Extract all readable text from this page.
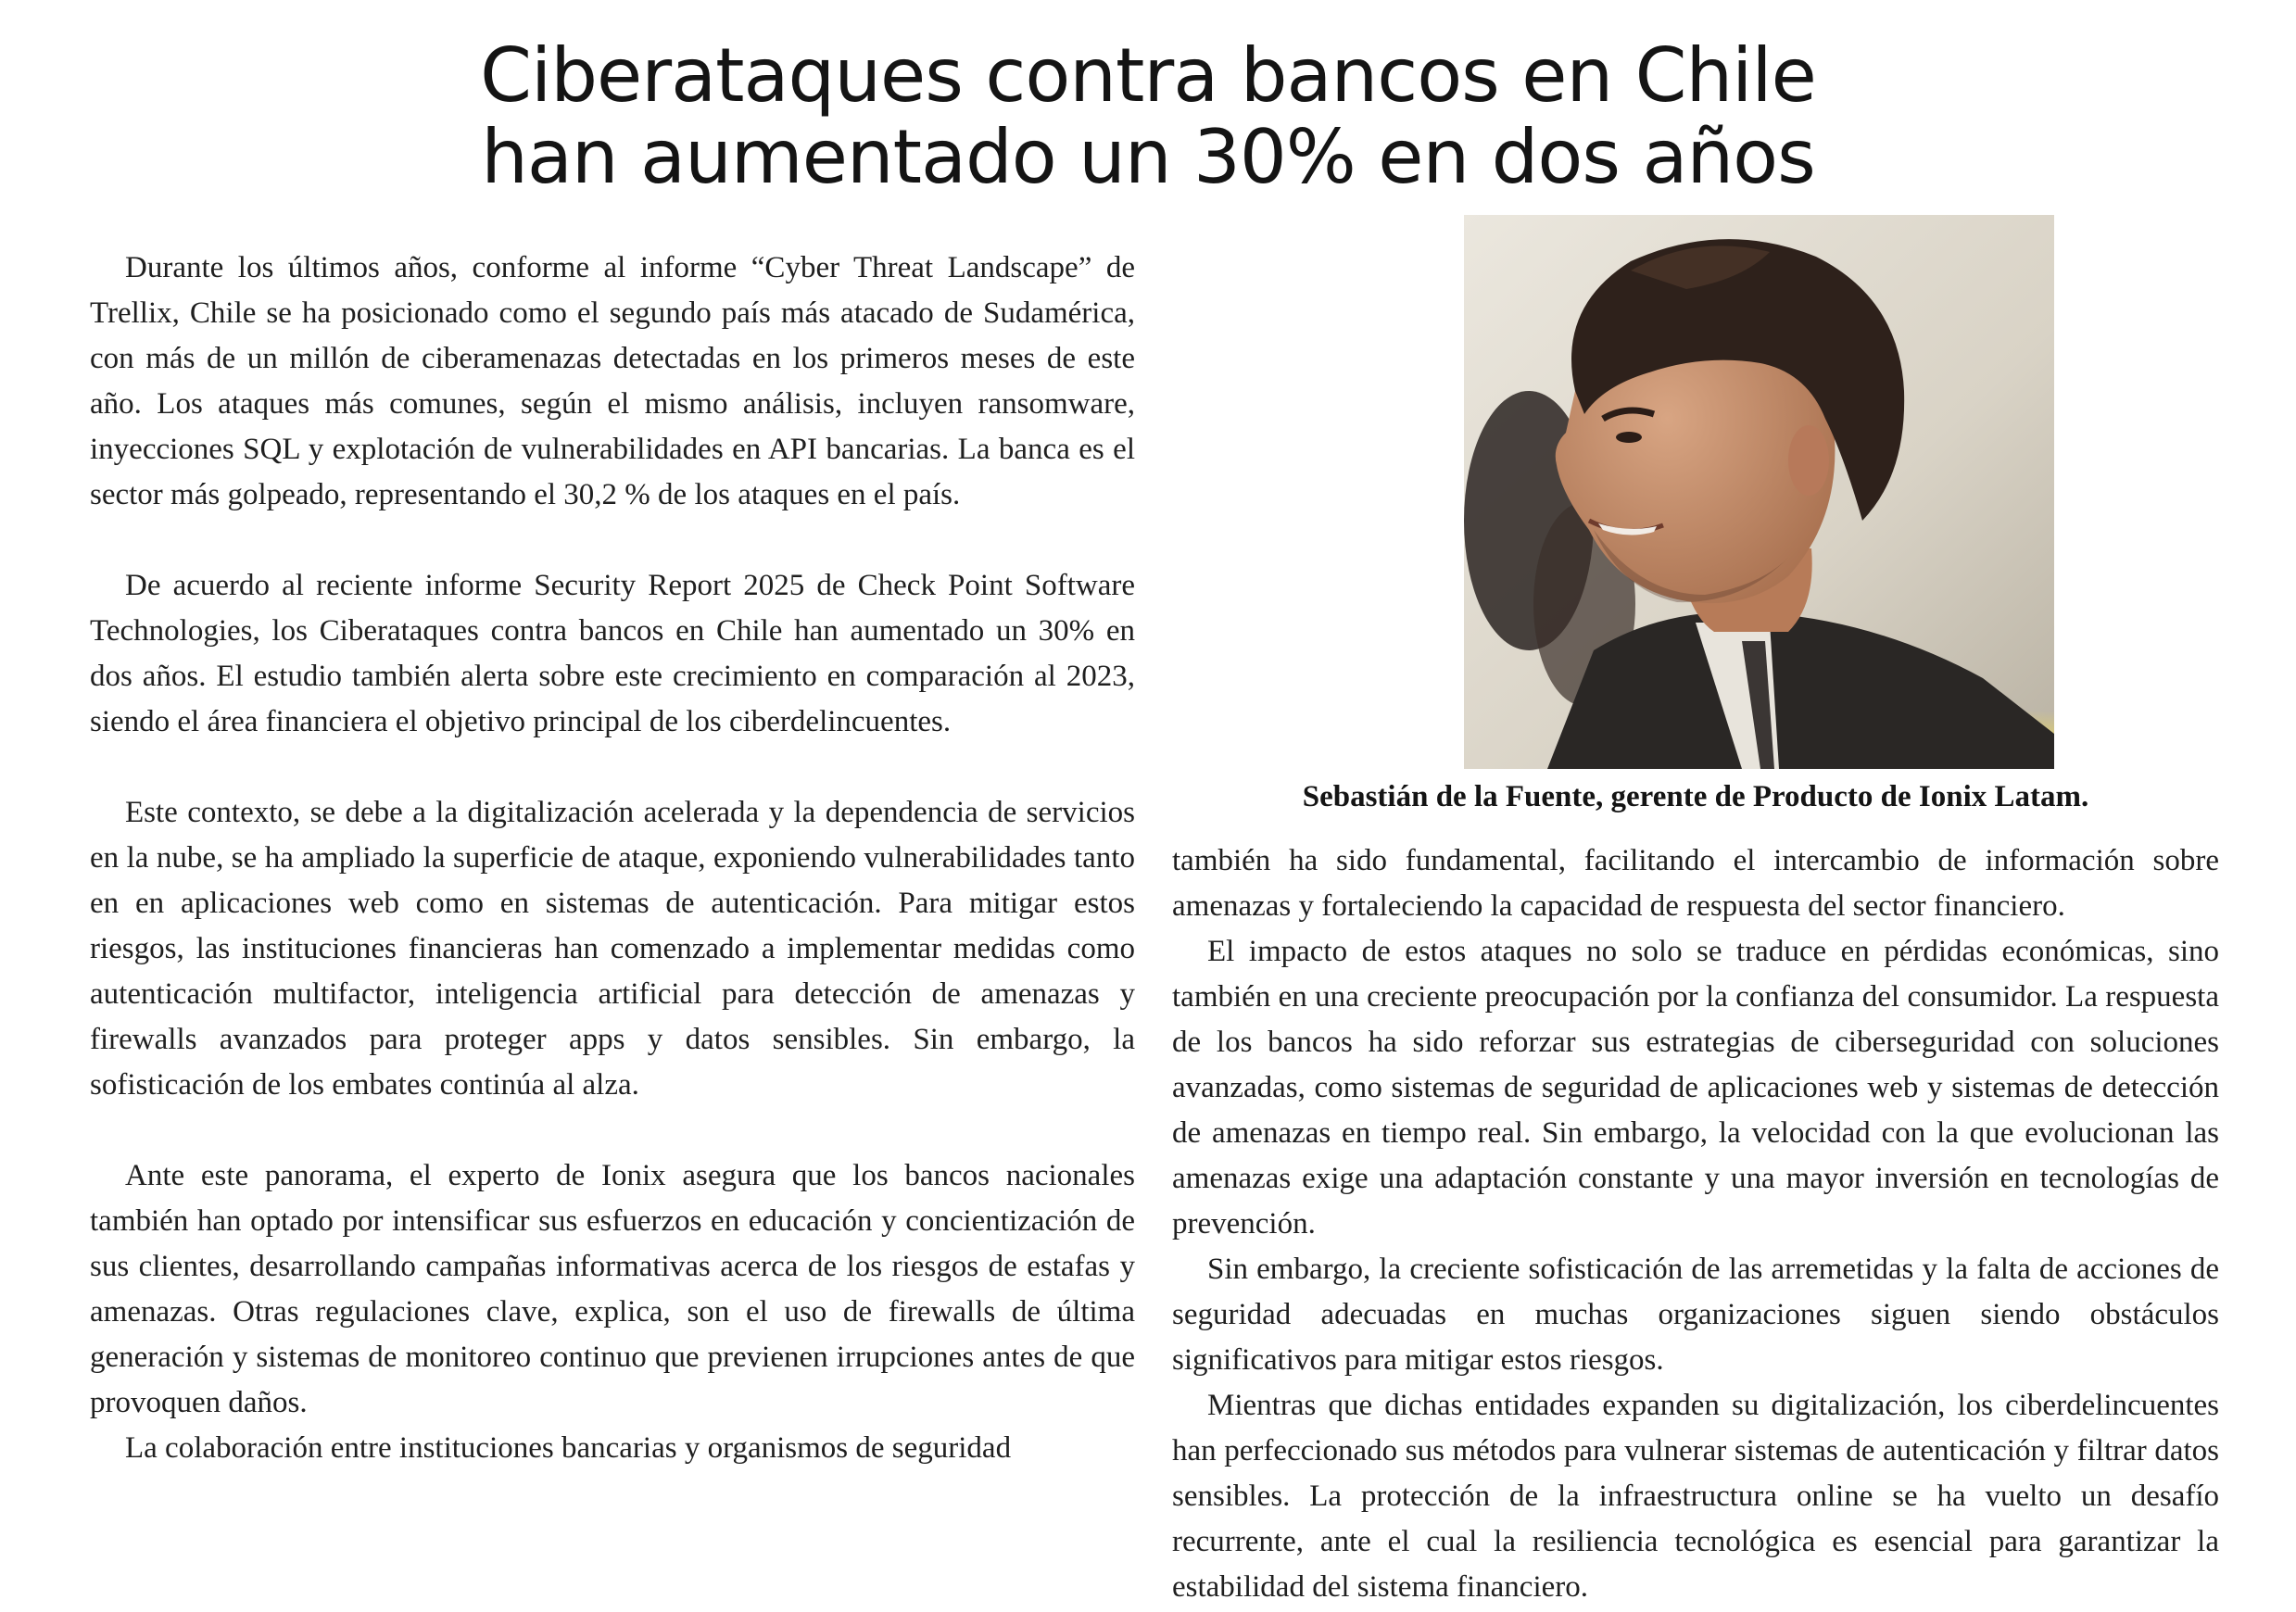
Ciberataques contra bancos en Chile
han aumentado un 30% en dos años

Durante los últimos años, conforme al informe “Cyber Threat Landscape” de Trellix, Chile se ha posicionado como el segundo país más atacado de Sudamérica, con más de un millón de ciberamenazas detectadas en los primeros meses de este año. Los ataques más comunes, según el mismo análisis, incluyen ransomware, inyecciones SQL y explotación de vulnerabilidades en API bancarias. La banca es el sector más golpeado, representando el 30,2 % de los ataques en el país.

De acuerdo al reciente informe Security Report 2025 de Check Point Software Technologies, los Ciberataques contra bancos en Chile han aumentado un 30% en dos años. El estudio también alerta sobre este crecimiento en comparación al 2023, siendo el área financiera el objetivo principal de los ciberdelincuentes.

Este contexto, se debe a la digitalización acelerada y la dependencia de servicios en la nube, se ha ampliado la superficie de ataque, exponiendo vulnerabilidades tanto en en aplicaciones web como en sistemas de autenticación. Para mitigar estos riesgos, las instituciones financieras han comenzado a implementar medidas como autenticación multifactor, inteligencia artificial para detección de amenazas y firewalls avanzados para proteger apps y datos sensibles. Sin embargo, la sofisticación de los embates continúa al alza.

Ante este panorama, el experto de Ionix asegura que los bancos nacionales también han optado por intensificar sus esfuerzos en educación y concientización de sus clientes, desarrollando campañas informativas acerca de los riesgos de estafas y amenazas. Otras regulaciones clave, explica, son el uso de firewalls de última generación y sistemas de monitoreo continuo que previenen irrupciones antes de que provoquen daños.

La colaboración entre instituciones bancarias y organismos de seguridad

Sebastián de la Fuente, gerente de Producto de Ionix Latam.

también ha sido fundamental, facilitando el intercambio de información sobre amenazas y fortaleciendo la capacidad de respuesta del sector financiero.

El impacto de estos ataques no solo se traduce en pérdidas económicas, sino también en una creciente preocupación por la confianza del consumidor. La respuesta de los bancos ha sido reforzar sus estrategias de ciberseguridad con soluciones avanzadas, como sistemas de seguridad de aplicaciones web y sistemas de detección de amenazas en tiempo real. Sin embargo, la velocidad con la que evolucionan las amenazas exige una adaptación constante y una mayor inversión en tecnologías de prevención.

Sin embargo, la creciente sofisticación de las arremetidas y la falta de acciones de seguridad adecuadas en muchas organizaciones siguen siendo obstáculos significativos para mitigar estos riesgos.

Mientras que dichas entidades expanden su digitalización, los ciberdelincuentes han perfeccionado sus métodos para vulnerar sistemas de autenticación y filtrar datos sensibles. La protección de la infraestructura online se ha vuelto un desafío recurrente, ante el cual la resiliencia tecnológica es esencial para garantizar la estabilidad del sistema financiero.
